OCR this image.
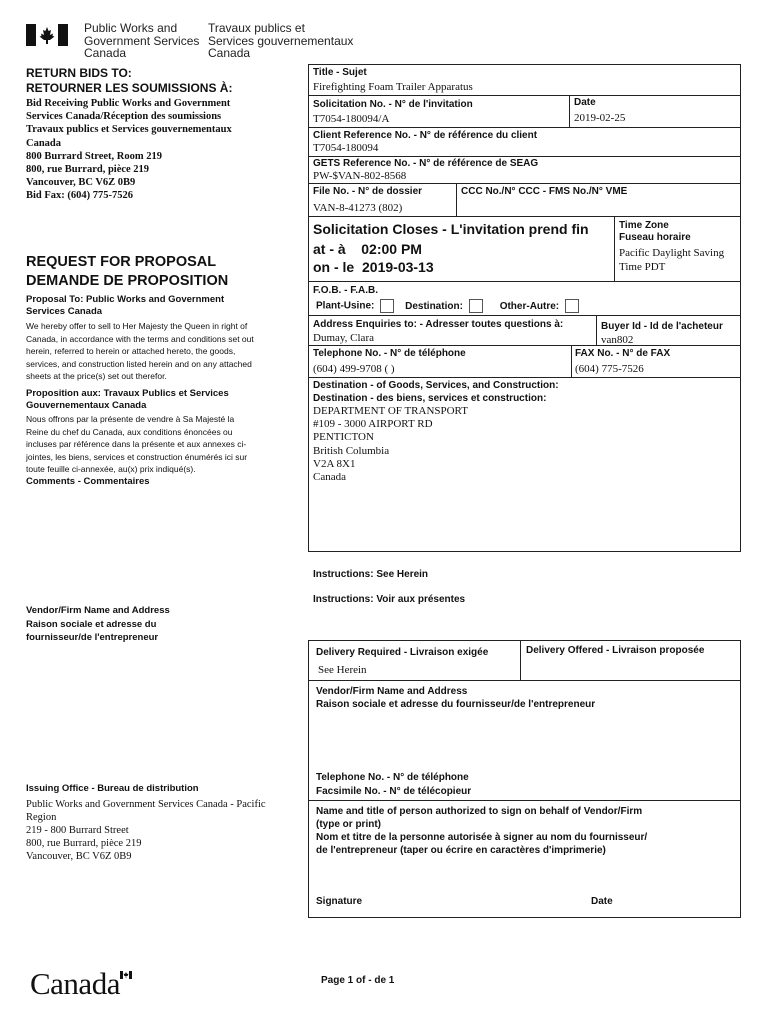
Public Works and
Government Services
Canada
Travaux publics et
Services gouvernementaux
Canada
RETURN BIDS TO:
RETOURNER LES SOUMISSIONS À:
Bid Receiving Public Works and Government
Services Canada/Réception des soumissions
Travaux publics et Services gouvernementaux
Canada
800 Burrard Street, Room 219
800, rue Burrard, pièce 219
Vancouver, BC V6Z 0B9
Bid Fax: (604) 775-7526
REQUEST FOR PROPOSAL
DEMANDE DE PROPOSITION
Proposal To: Public Works and Government Services Canada
We hereby offer to sell to Her Majesty the Queen in right of Canada, in accordance with the terms and conditions set out herein, referred to herein or attached hereto, the goods, services, and construction listed herein and on any attached sheets at the price(s) set out therefor.
Proposition aux: Travaux Publics et Services Gouvernementaux Canada
Nous offrons par la présente de vendre à Sa Majesté la Reine du chef du Canada, aux conditions énoncées ou incluses par référence dans la présente et aux annexes ci-jointes, les biens, services et construction énumérés ici sur toute feuille ci-annexée, au(x) prix indiqué(s).
Comments - Commentaires
Vendor/Firm Name and Address
Raison sociale et adresse du
fournisseur/de l'entrepreneur
Issuing Office - Bureau de distribution
Public Works and Government Services Canada - Pacific
Region
219 - 800 Burrard Street
800, rue Burrard, pièce 219
Vancouver, BC V6Z 0B9
Title - Sujet
Firefighting Foam Trailer Apparatus
Solicitation No. - N° de l'invitation
T7054-180094/A
Date
2019-02-25
Client Reference No. - N° de référence du client
T7054-180094
GETS Reference No. - N° de référence de SEAG
PW-$VAN-802-8568
File No. - N° de dossier
VAN-8-41273 (802)
CCC No./N° CCC - FMS No./N° VME
Solicitation Closes - L'invitation prend fin
at - à 02:00 PM
on - le 2019-03-13
Time Zone
Fuseau horaire
Pacific Daylight Saving Time PDT
F.O.B. - F.A.B.
Plant-Usine:	Destination:	Other-Autre:
Address Enquiries to: - Adresser toutes questions à:
Dumay, Clara
Buyer Id - Id de l'acheteur
van802
Telephone No. - N° de téléphone
(604) 499-9708 ( )
FAX No. - N° de FAX
(604) 775-7526
Destination - of Goods, Services, and Construction:
Destination - des biens, services et construction:
DEPARTMENT OF TRANSPORT
#109 - 3000 AIRPORT RD
PENTICTON
British Columbia
V2A 8X1
Canada
Instructions: See Herein
Instructions: Voir aux présentes
Delivery Required - Livraison exigée
See Herein
Delivery Offered - Livraison proposée
Vendor/Firm Name and Address
Raison sociale et adresse du fournisseur/de l'entrepreneur
Telephone No. - N° de téléphone
Facsimile No. - N° de télécopieur
Name and title of person authorized to sign on behalf of Vendor/Firm
(type or print)
Nom et titre de la personne autorisée à signer au nom du fournisseur/
de l'entrepreneur (taper ou écrire en caractères d'imprimerie)
Signature	Date
Canada	Page 1 of - de 1
